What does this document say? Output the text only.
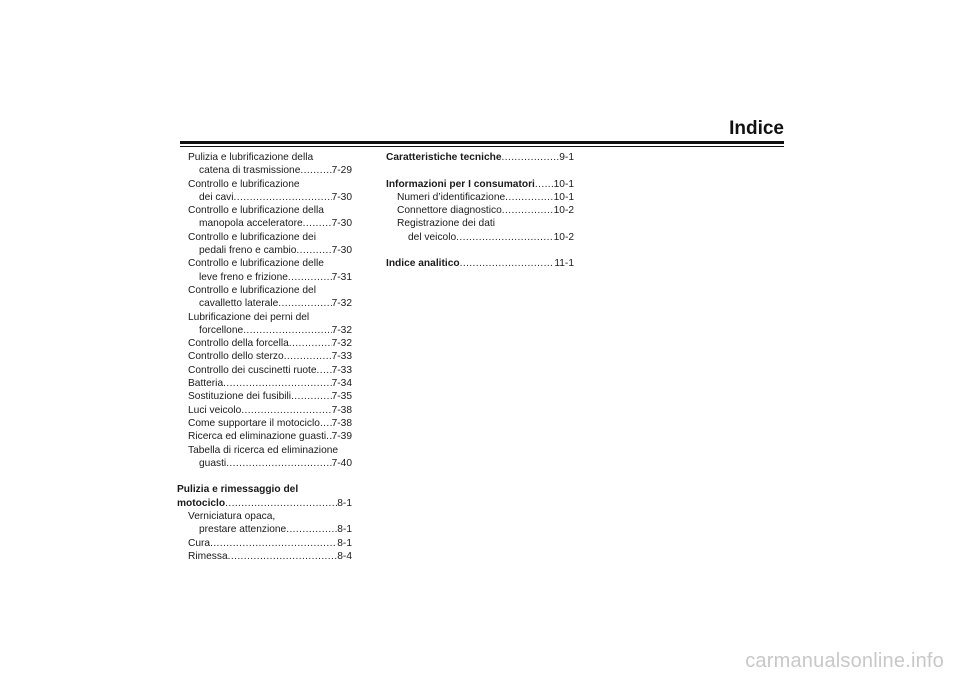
Indice
Pulizia e lubrificazione della
catena di trasmissione .....	7-29
Controllo e lubrificazione
dei cavi .....	7-30
Controllo e lubrificazione della
manopola acceleratore .....	7-30
Controllo e lubrificazione dei
pedali freno e cambio .....	7-30
Controllo e lubrificazione delle
leve freno e frizione .....	7-31
Controllo e lubrificazione del
cavalletto laterale .....	7-32
Lubrificazione dei perni del
forcellone .....	7-32
Controllo della forcella .....	7-32
Controllo dello sterzo .....	7-33
Controllo dei cuscinetti ruote ..... 7-33
Batteria .....	7-34
Sostituzione dei fusibili .....	7-35
Luci veicolo .....	7-38
Come supportare il motociclo ..... 7-38
Ricerca ed eliminazione guasti ..... 7-39
Tabella di ricerca ed eliminazione
guasti .....	7-40
Pulizia e rimessaggio del
motociclo .....	8-1
Verniciatura opaca,
prestare attenzione .....	8-1
Cura .....	8-1
Rimessa .....	8-4
Caratteristiche tecniche .....	9-1
Informazioni per I consumatori ..... 10-1
Numeri d’identificazione .....	10-1
Connettore diagnostico .....	10-2
Registrazione dei dati
del veicolo .....	10-2
Indice analitico .....	11-1
carmanualsonline.info
